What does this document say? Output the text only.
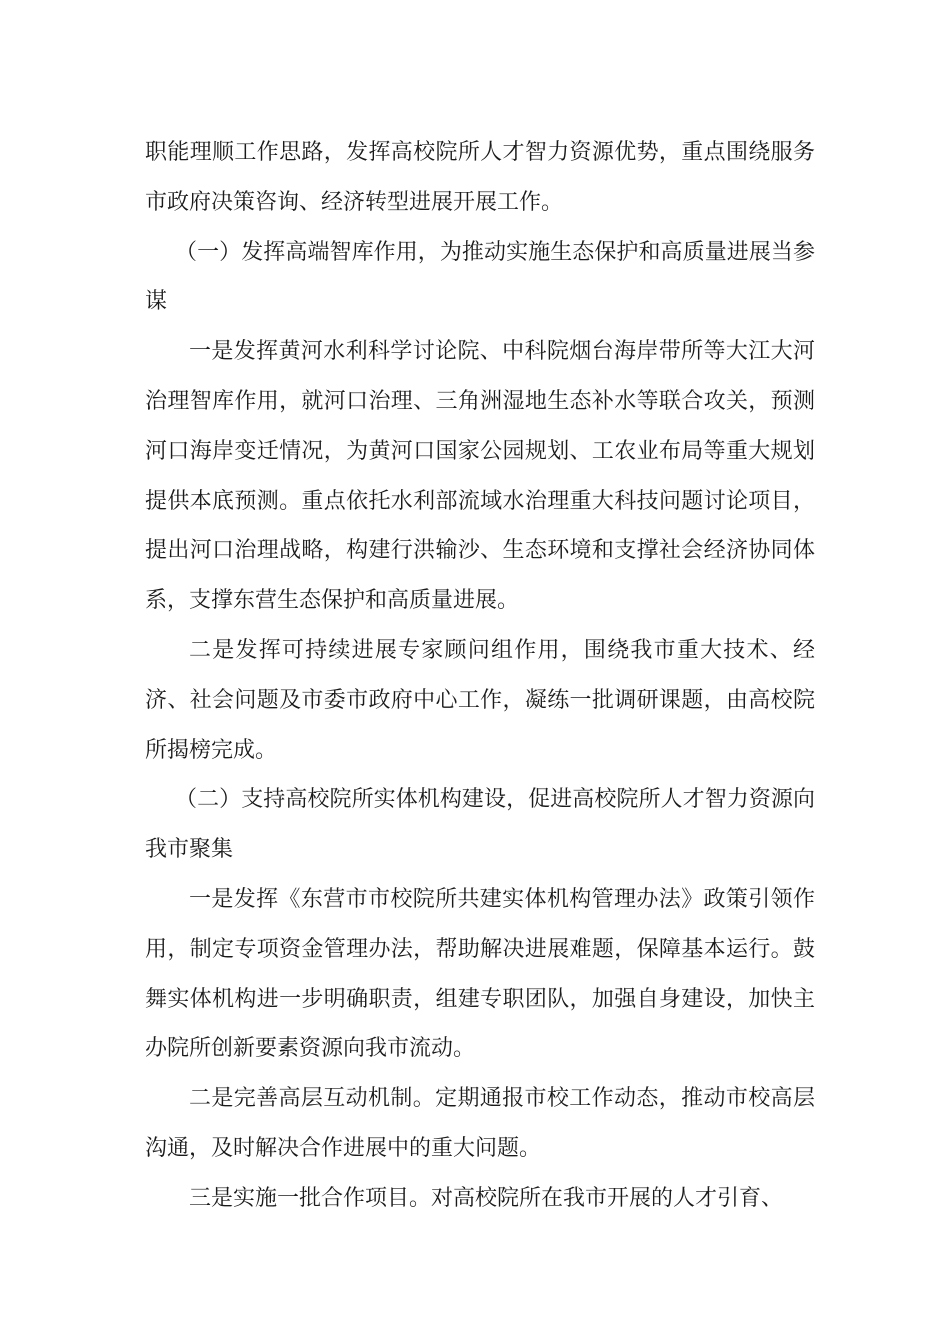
职能理顺工作思路，发挥高校院所人才智力资源优势，重点围绕服务市政府决策咨询、经济转型进展开展工作。

（一）发挥高端智库作用，为推动实施生态保护和高质量进展当参谋

一是发挥黄河水利科学讨论院、中科院烟台海岸带所等大江大河治理智库作用，就河口治理、三角洲湿地生态补水等联合攻关，预测河口海岸变迁情况，为黄河口国家公园规划、工农业布局等重大规划提供本底预测。重点依托水利部流域水治理重大科技问题讨论项目，提出河口治理战略，构建行洪输沙、生态环境和支撑社会经济协同体系，支撑东营生态保护和高质量进展。

二是发挥可持续进展专家顾问组作用，围绕我市重大技术、经济、社会问题及市委市政府中心工作，凝练一批调研课题，由高校院所揭榜完成。

（二）支持高校院所实体机构建设，促进高校院所人才智力资源向我市聚集

一是发挥《东营市市校院所共建实体机构管理办法》政策引领作用，制定专项资金管理办法，帮助解决进展难题，保障基本运行。鼓舞实体机构进一步明确职责，组建专职团队，加强自身建设，加快主办院所创新要素资源向我市流动。

二是完善高层互动机制。定期通报市校工作动态，推动市校高层沟通，及时解决合作进展中的重大问题。

三是实施一批合作项目。对高校院所在我市开展的人才引育、
